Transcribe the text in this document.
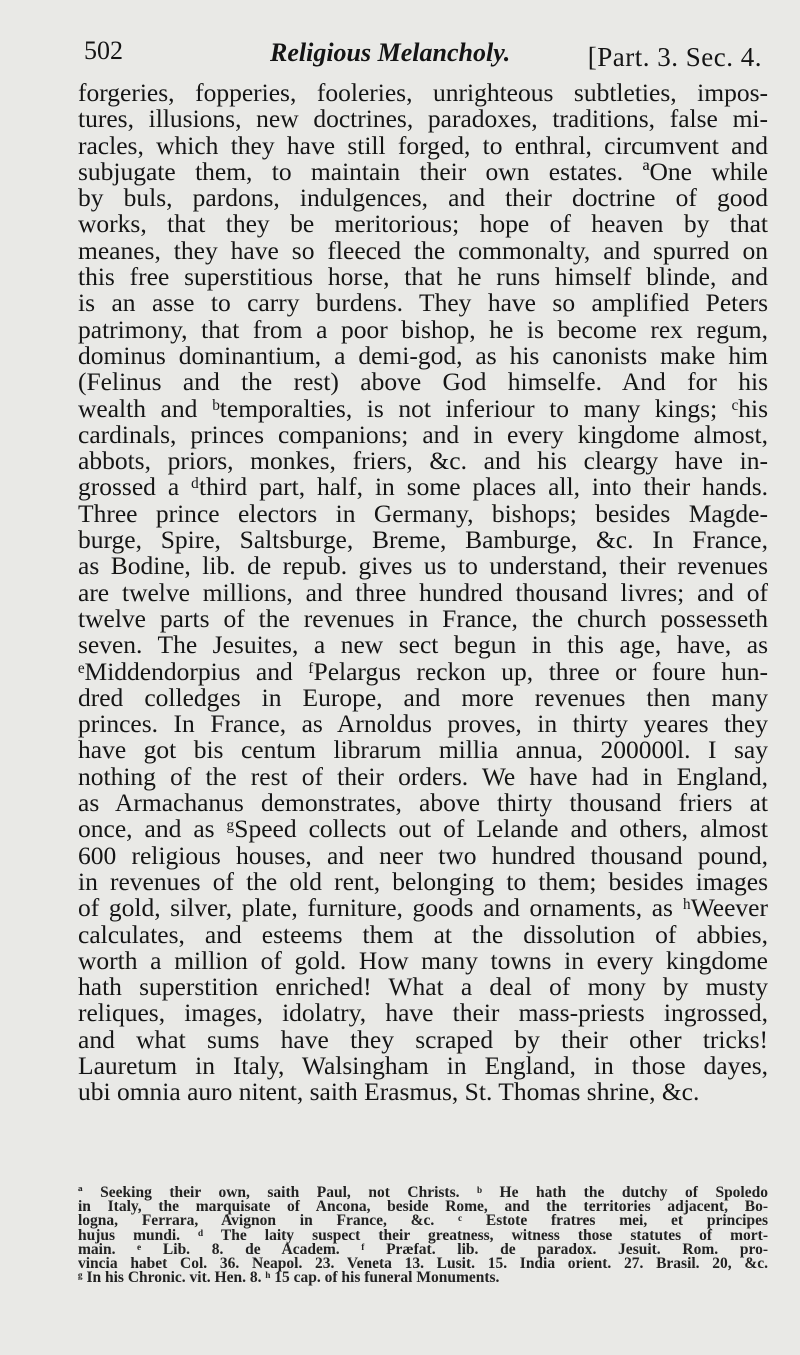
502	Religious Melancholy.	[Part. 3. Sec. 4.
forgeries, fopperies, fooleries, unrighteous subtleties, impos-
tures, illusions, new doctrines, paradoxes, traditions, false mi-
racles, which they have still forged, to enthral, circumvent and
subjugate them, to maintain their own estates. ªOne while
by buls, pardons, indulgences, and their doctrine of good
works, that they be meritorious; hope of heaven by that
meanes, they have so fleeced the commonalty, and spurred on
this free superstitious horse, that he runs himself blinde, and
is an asse to carry burdens. They have so amplified Peters
patrimony, that from a poor bishop, he is become rex regum,
dominus dominantium, a demi-god, as his canonists make him
(Felinus and the rest) above God himselfe. And for his
wealth and ᵇtemporalties, is not inferiour to many kings; ᶜhis
cardinals, princes companions; and in every kingdome almost,
abbots, priors, monkes, friers, &c. and his cleargy have in-
grossed a ᵈthird part, half, in some places all, into their hands.
Three prince electors in Germany, bishops; besides Magde-
burge, Spire, Saltsburge, Breme, Bamburge, &c. In France,
as Bodine, lib. de repub. gives us to understand, their revenues
are twelve millions, and three hundred thousand livres; and of
twelve parts of the revenues in France, the church possesseth
seven. The Jesuites, a new sect begun in this age, have, as
ᵉMiddendorpius and ᶠPelargus reckon up, three or foure hun-
dred colledges in Europe, and more revenues then many
princes. In France, as Arnoldus proves, in thirty yeares they
have got bis centum librarum millia annua, 200000l. I say
nothing of the rest of their orders. We have had in England,
as Armachanus demonstrates, above thirty thousand friers at
once, and as ᵍSpeed collects out of Lelande and others, almost
600 religious houses, and neer two hundred thousand pound,
in revenues of the old rent, belonging to them; besides images
of gold, silver, plate, furniture, goods and ornaments, as ʰWeever
calculates, and esteems them at the dissolution of abbies,
worth a million of gold. How many towns in every kingdome
hath superstition enriched! What a deal of mony by musty
reliques, images, idolatry, have their mass-priests ingrossed,
and what sums have they scraped by their other tricks!
Lauretum in Italy, Walsingham in England, in those dayes,
ubi omnia auro nitent, saith Erasmus, St. Thomas shrine, &c.
ª Seeking their own, saith Paul, not Christs. ᵇ He hath the dutchy of Spoledo
in Italy, the marquisate of Ancona, beside Rome, and the territories adjacent, Bo-
logna, Ferrara, Avignon in France, &c. ᶜ Estote fratres mei, et principes
hujus mundi. ᵈ The laity suspect their greatness, witness those statutes of mort-
main. ᵉ Lib. 8. de Academ. ᶠ Præfat. lib. de paradox. Jesuit. Rom. pro-
vincia habet Col. 36. Neapol. 23. Veneta 13. Lusit. 15. India orient. 27. Brasil. 20, &c.
ᵍ In his Chronic. vit. Hen. 8. ʰ 15 cap. of his funeral Monuments.
